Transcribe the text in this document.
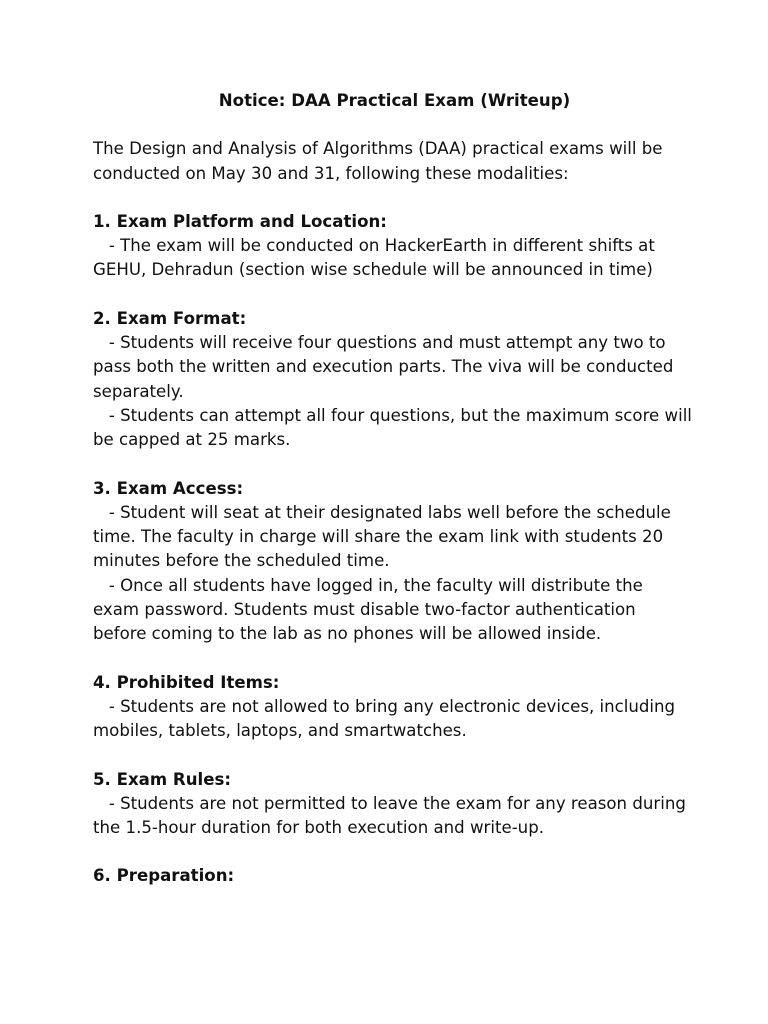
Notice: DAA Practical Exam (Writeup)
The Design and Analysis of Algorithms (DAA) practical exams will be conducted on May 30 and 31, following these modalities:
1. Exam Platform and Location:
- The exam will be conducted on HackerEarth in different shifts at GEHU, Dehradun (section wise schedule will be announced in time)
2. Exam Format:
- Students will receive four questions and must attempt any two to pass both the written and execution parts. The viva will be conducted separately.
- Students can attempt all four questions, but the maximum score will be capped at 25 marks.
3. Exam Access:
- Student will seat at their designated labs well before the schedule time. The faculty in charge will share the exam link with students 20 minutes before the scheduled time.
- Once all students have logged in, the faculty will distribute the exam password. Students must disable two-factor authentication before coming to the lab as no phones will be allowed inside.
4. Prohibited Items:
- Students are not allowed to bring any electronic devices, including mobiles, tablets, laptops, and smartwatches.
5. Exam Rules:
- Students are not permitted to leave the exam for any reason during the 1.5-hour duration for both execution and write-up.
6. Preparation:
